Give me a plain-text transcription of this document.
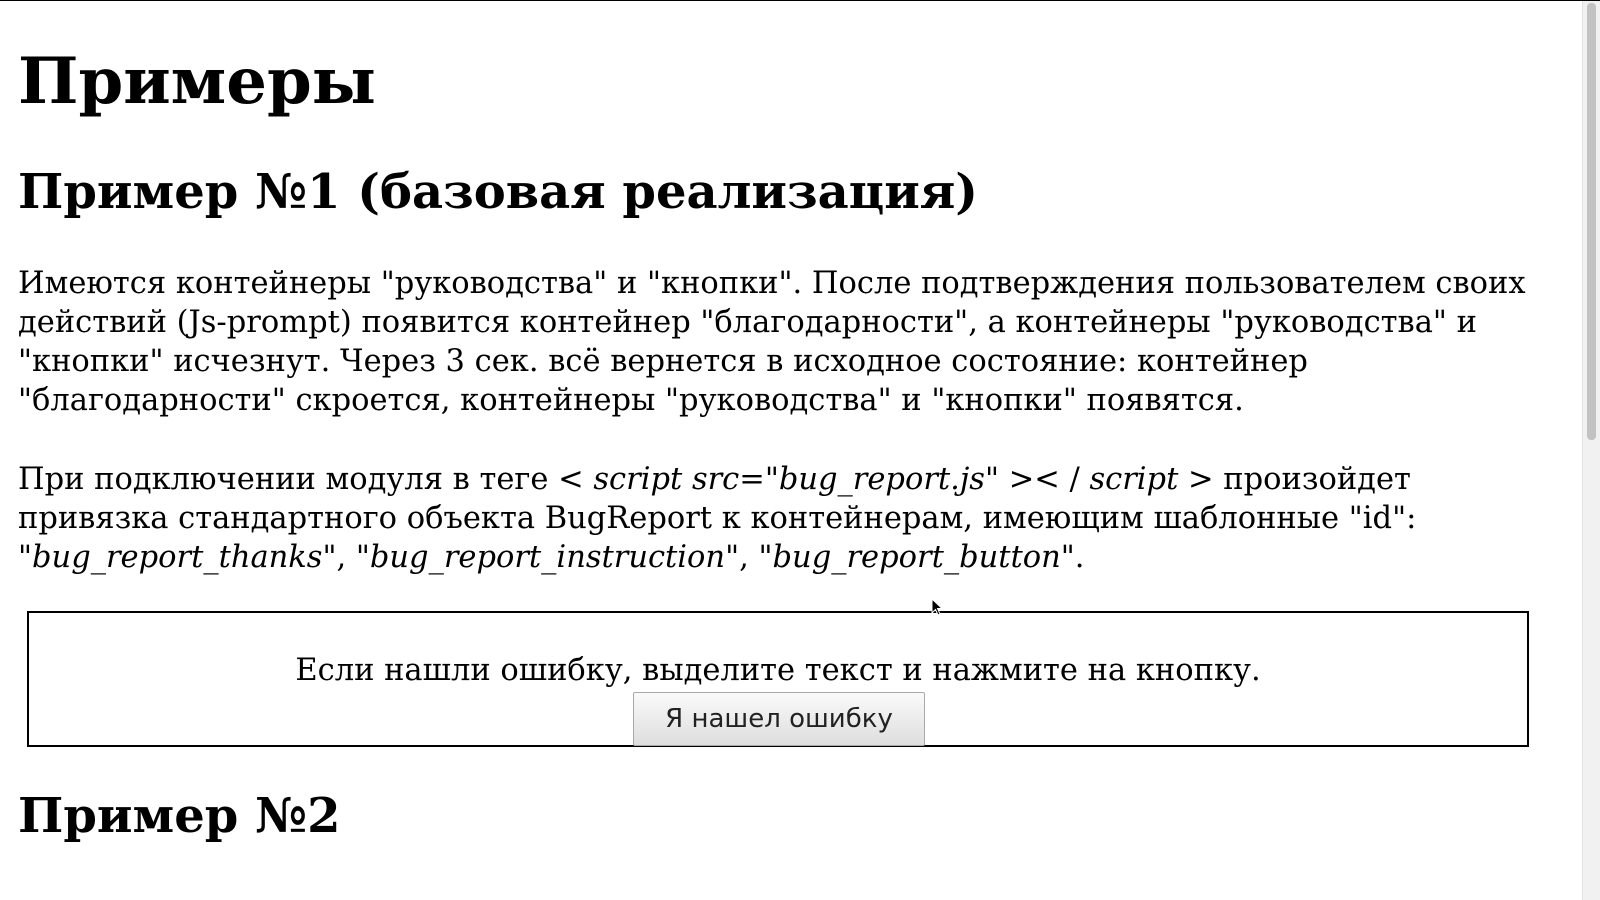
Примеры
Пример №1 (базовая реализация)

Имеются контейнеры "руководства" и "кнопки". После подтверждения пользователем своих действий (Js-prompt) появится контейнер "благодарности", а контейнеры "руководства" и "кнопки" исчезнут. Через 3 сек. всё вернется в исходное состояние: контейнер "благодарности" скроется, контейнеры "руководства" и "кнопки" появятся.

При подключении модуля в теге < script src="bug_report.js" >< / script > произойдет привязка стандартного объекта BugReport к контейнерам, имеющим шаблонные "id": "bug_report_thanks", "bug_report_instruction", "bug_report_button".

Если нашли ошибку, выделите текст и нажмите на кнопку.
Я нашел ошибку
Пример №2
